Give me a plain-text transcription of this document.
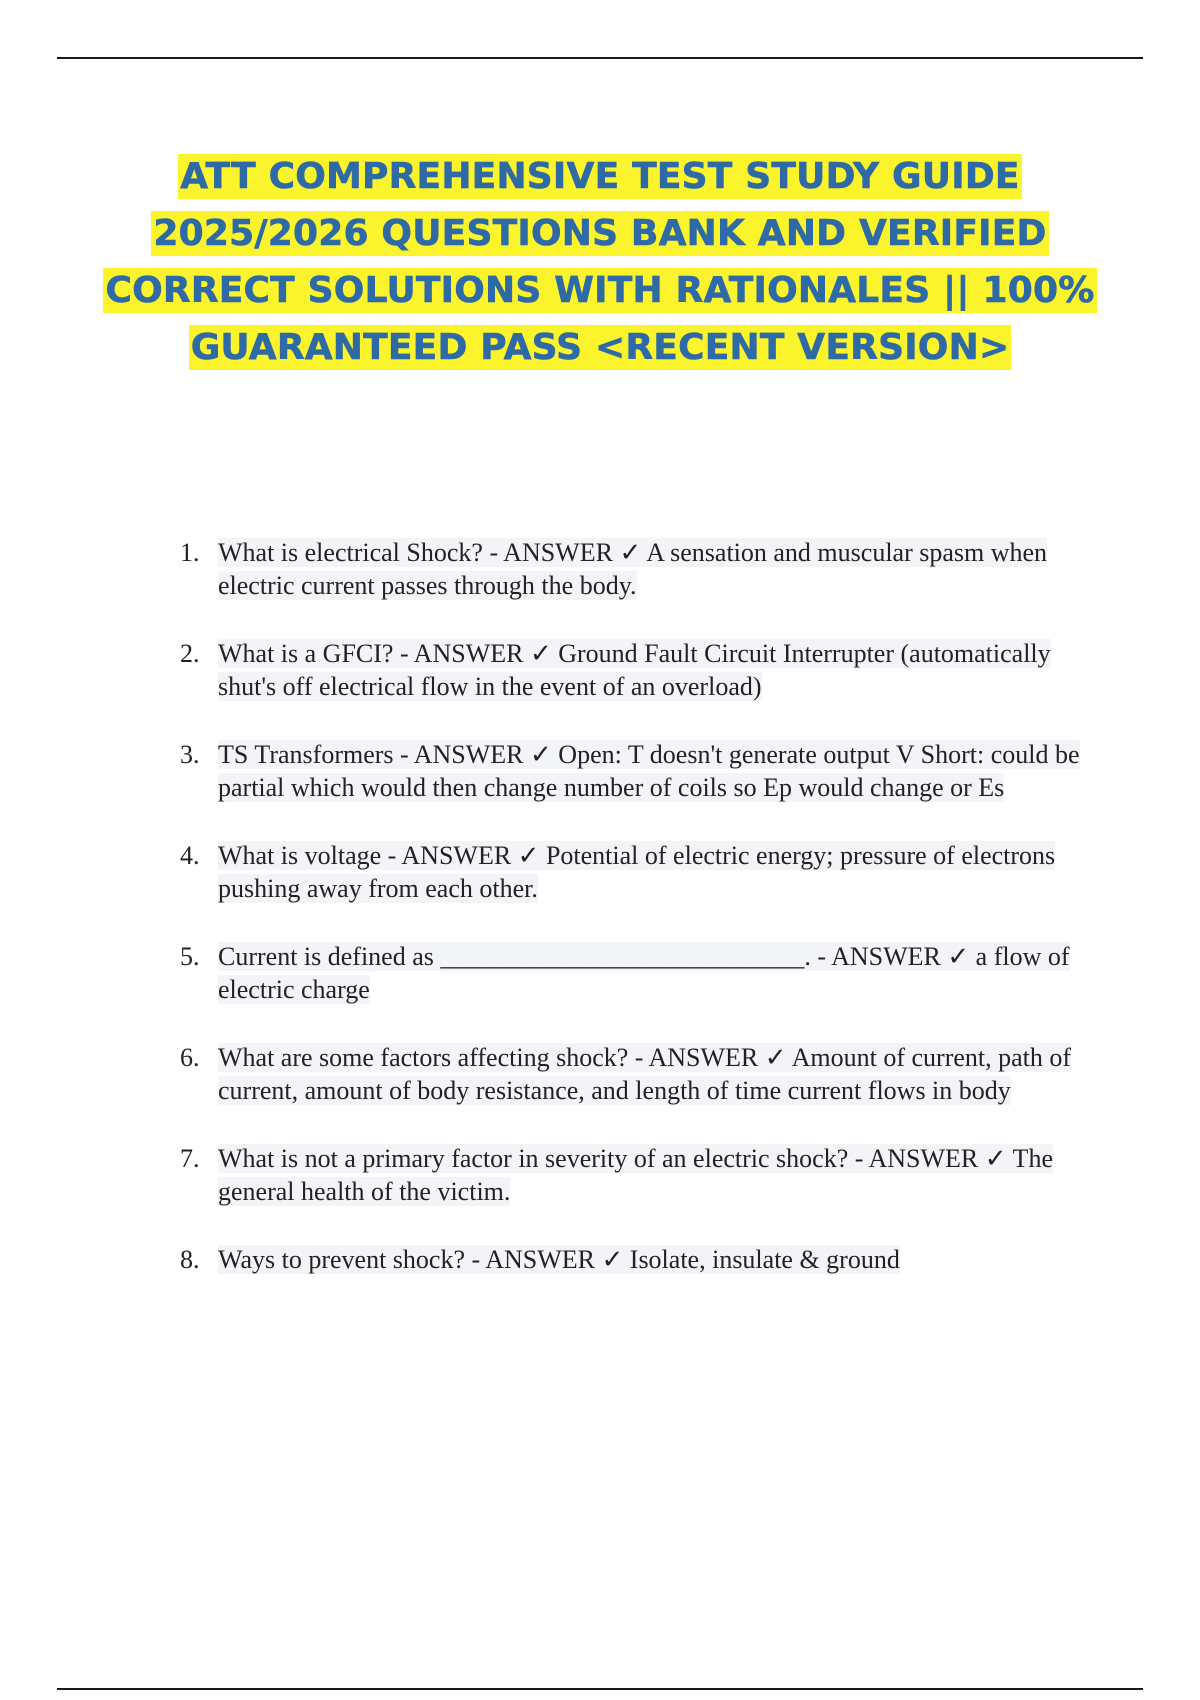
ATT COMPREHENSIVE TEST STUDY GUIDE 2025/2026 QUESTIONS BANK AND VERIFIED CORRECT SOLUTIONS WITH RATIONALES || 100% GUARANTEED PASS <RECENT VERSION>
1. What is electrical Shock? - ANSWER ✓ A sensation and muscular spasm when electric current passes through the body.
2. What is a GFCI? - ANSWER ✓ Ground Fault Circuit Interrupter (automatically shut's off electrical flow in the event of an overload)
3. TS Transformers - ANSWER ✓ Open: T doesn't generate output V Short: could be partial which would then change number of coils so Ep would change or Es
4. What is voltage - ANSWER ✓ Potential of electric energy; pressure of electrons pushing away from each other.
5. Current is defined as ____________________________. - ANSWER ✓ a flow of electric charge
6. What are some factors affecting shock? - ANSWER ✓ Amount of current, path of current, amount of body resistance, and length of time current flows in body
7. What is not a primary factor in severity of an electric shock? - ANSWER ✓ The general health of the victim.
8. Ways to prevent shock? - ANSWER ✓ Isolate, insulate & ground
